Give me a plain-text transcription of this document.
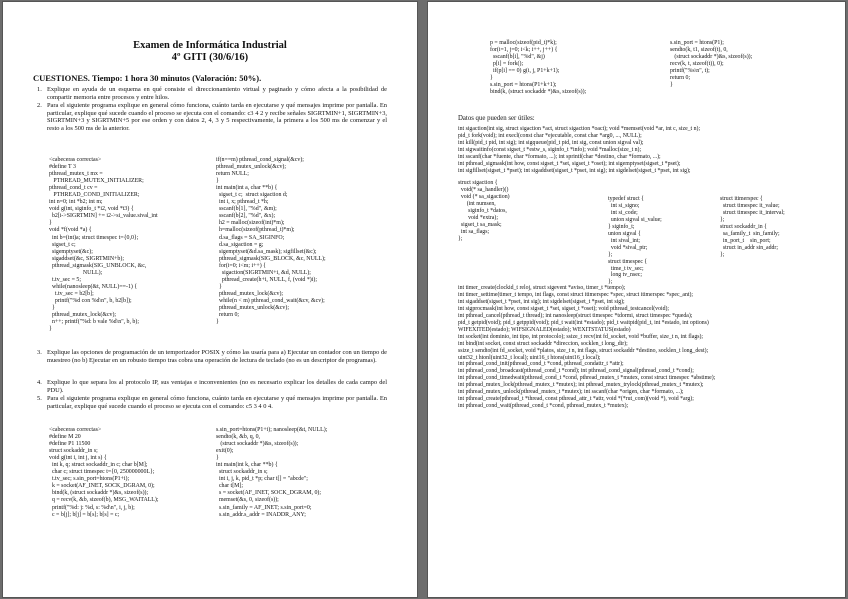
Examen de Informática Industrial
4º GITI (30/6/16)
CUESTIONES. Tiempo: 1 hora 30 minutos (Valoración: 50%).
1. Explique en ayuda de un esquema en qué consiste el direccionamiento virtual y paginado y cómo afecta a la posibilidad de compartir memoria entre procesos y entre hilos.
2. Para el siguiente programa explique en general cómo funciona, cuánto tarda en ejecutarse y qué mensajes imprime por pantalla. En particular, explique qué sucede cuando el proceso se ejecuta con el comando: c3 4 2 y recibe señales SIGRTMIN+1, SIGRTMIN+3, SIGRTMIN+3 y SIGRTMIN+5 por ese orden y con datos 2, 4, 3 y 5 respectivamente, la primera a los 500 ms de comenzar y el resto a los 500 ms de la anterior.
<cabeceras correctas>
#define T 3
pthread_mutex_t mx =
PTHREAD_MUTEX_INITIALIZER;
pthread_cond_t cv =
PTHREAD_COND_INITIALIZER;
int n=0; int *b2; int m;
void g(int, siginfo_t *i2, void *t3) {
b2[i->SIGRTMIN] += i2->si_value.sival_int
}
void *f(void *a) {
int b=(int)a; struct timespec t={0,0};
sigset_t c;
sigemptyset(&c);
sigaddset(&c, SIGRTMIN+b);
pthread_sigmask(SIG_UNBLOCK, &c,
NULL);
t.tv_sec = 5;
while(nanosleep(&t, NULL)==-1) {
t.tv_sec = b2[b];
printf("%d con %d\n", b, b2[b]);
}
pthread_mutex_lock(&cv);
n++; printf("%d: b vale %d\n", b, b);
}
if(n==m) pthread_cond_signal(&cv);
pthread_mutex_unlock(&cv);
return NULL;
}
int main(int a, char **b) {
sigset_t c;  struct sigaction d;
int i, x; pthread_t *h;
sscanf(b[1], "%d", &m);
sscanf(b[2], "%d", &x);
h2 = malloc(sizeof(int)*m);
h=malloc(sizeof(pthread_t)*m);
d.sa_flags = SA_SIGINFO;
d.sa_sigaction = g;
sigemptyset(&d.sa_mask); sigfillset(&c);
pthread_sigmask(SIG_BLOCK, &c, NULL);
for(i=0; i<m; i++) {
sigaction(SIGRTMIN+i, &d, NULL);
pthread_create(h+i, NULL, f, (void *)i);
}
pthread_mutex_lock(&cv);
while(n < m) pthread_cond_wait(&cv, &cv);
pthread_mutex_unlock(&cv);
return 0;
}
3. Explique las opciones de programación de un temporizador POSIX y cómo las usaría para a) Ejecutar un contador con un tiempo de muestreo (no b) Ejecutar en un robusto tiempo tras cobra una operación de lectura de teclado (no es un descriptor de programas).
4. Explique lo que separa los al protocolo IP, sus ventajas e inconvenientes (no es necesario explicar los detalles de cada campo del PDU).
5. Para el siguiente programa explique en general cómo funciona, cuánto tarda en ejecutarse y qué mensajes imprime por pantalla. En particular, explique qué sucede cuando el proceso se ejecuta con el comando: c5 3 4 0 4.
<cabeceras correctas>
#define M 20
#define P1 11500
struct sockaddr_in s;
void g(int i, int j, int s) {
int k, q; struct sockaddr_in c; char b[M];
char c; struct timespec t={0, 250000000L};
t.tv_sec; s.sin_port=htons(P1+i);
k = socket(AF_INET, SOCK_DGRAM, 0);
bind(k, (struct sockaddr *)&s, sizeof(s));
q = recv(k, &b, sizeof(b), MSG_WAITALL);
printf("%d: j: %d, s: %d\n", i, j, b);
c = b[j]; b[j] = b[s]; b[s] = c;
s.sin_port=htons(P1+i); nanosleep(&t, NULL);
sendto(k, &b, q, 0,
(struct sockaddr *)&s, sizeof(s));
exit(0);
}
int main(int k, char **b) {
struct sockaddr_in s;
int i, j, k, pid_t *p; char t[] = "abcde";
char t[M];
s = socket(AF_INET, SOCK_DGRAM, 0);
memset(&s, 0, sizeof(s));
s.sin_family = AF_INET; s.sin_port=0;
s.sin_addr.s_addr = INADDR_ANY;
p = malloc(sizeof(pid_t)*k);
for(i=1, j=0; i<k; i++, j++) {
sscanf(b[i], "%d", &j)
p[i] = fork();
if(p[i] == 0) g(i, j, P1+k+1);
}
s.sin_port = htons(P1+k+1);
bind(k, (struct sockaddr *)&s, sizeof(s));
s.sin_port = htons(P1);
sendto(k, t1, sizeof(t), 0,
(struct sockaddr *)&s, sizeof(s));
recv(k, t, sizeof(t)), 0);
printf("%s\n", t);
return 0;
}
Datos que pueden ser útiles:
int sigaction(int sig, struct sigaction *act, struct sigaction *oact); void *memset(void *ar, int c, size_t n);
pid_t fork(void); int execl(const char *ejecutable, const char *arg0, ..., NULL);
int kill(pid_t pid, int sig); int sigqueue(pid_t pid, int sig, const union sigval val);
int sigwaitinfo(const sigset_t *estw_s, siginfo_t *info); void *malloc(size_t n);
int sscanf(char *fuente, char *formato, ...); int sprintf(char *destino, char *formato, ...);
int pthread_sigmask(int how, const sigset_t *set, sigset_t *oset); int sigemptyset(sigset_t *pset);
int sigfillset(sigset_t *pset); int sigaddset(sigset_t *pset, int sig); int sigdelset(sigset_t *pset, int sig);
struct sigaction {
void(* sa_handler)()
void (* sa_sigaction)
(int numsen,
siginfo_t *datos,
void *extra);
sigset_t sa_mask;
int sa_flags;
};
typedef struct {
int si_signo;
int si_code;
union sigval si_value;
} siginfo_t;
union sigval {
int sival_int;
void *sival_ptr;
};
struct timespec {
time_t tv_sec;
long tv_nsec;
};
struct itimerspec {
struct timespec it_value;
struct timespec it_interval;
};
struct sockaddr_in {
sa_family_t  sin_family;
in_port_t    sin_port;
struct in_addr sin_addr;
};
int timer_create(clockid_t reloj, struct sigevent *aviso, timer_t *tempo);
int timer_settime(timer_t tempo, int flags, const struct itimerspec *spec, struct itimerspec *spec_ant);
int sigaddset(sigset_t *pset, int sig); int sigdelset(sigset_t *pset, int sig);
int sigprocmask(int how, const sigset_t *set, sigset_t *oset); void pthread_testcancel(void);
int pthread_cancel(pthread_t thread); int nanosleep(struct timespec *tdormi, struct timespec *queda);
pid_t getpid(void); pid_t getppid(void); pid_t wait(int *estado); pid_t waitpid(pid_t, int *estado, int options)
WIFEXITED(estado); WIFSIGNALED(estado); WEXITSTATUS(estado)
int socket(int dominio, int tipo, int protocolo); ssize_t recv(int fd_socket, void *buffer, size_t n, int flags);
int bind(int socket, const struct sockaddr *direccion, socklen_t long_dir);
ssize_t sendto(int fd_socket, void *platos, size_t n, int flags, struct sockaddr *destino, socklen_t long_dest);
uint32_t htonl(uint32_t local); uint16_t htons(uint16_t local);
int pthread_cond_init(pthread_cond_t *cond, pthread_condattr_t *attr);
int pthread_cond_broadcast(pthread_cond_t *cond); int pthread_cond_signal(pthread_cond_t *cond);
int pthread_cond_timedwait(pthread_cond_t *cond, pthread_mutex_t *mutex, const struct timespec *abstime);
int pthread_mutex_lock(pthread_mutex_t *mutex); int pthread_mutex_trylock(pthread_mutex_t *mutex);
int pthread_mutex_unlock(pthread_mutex_t *mutex); int sscanf(char *origen, char *formato, ...);
int pthread_create(pthread_t *thread, const pthread_attr_t *attr, void *(*rut_com)(void *), void *arg);
int pthread_cond_wait(pthread_cond_t *cond, pthread_mutex_t *mutex);
